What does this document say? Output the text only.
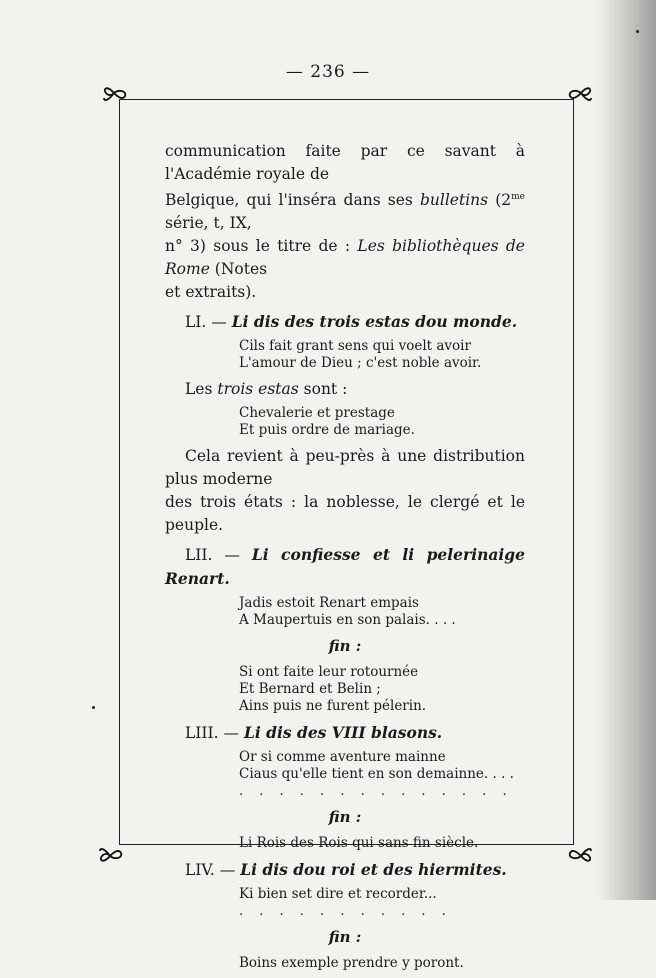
— 236 —

communication faite par ce savant à l'Académie royale de
Belgique, qui l'inséra dans ses bulletins ($2^{me}$ série, t, IX,
n° 3) sous le titre de : Les bibliothèques de Rome (Notes
et extraits).

LI. — Li dis des trois estas dou monde.

Cils fait grant sens qui voelt avoir
L'amour de Dieu ; c'est noble avoir.

Les trois estas sont :

Chevalerie et prestage
Et puis ordre de mariage.

Cela revient à peu-près à une distribution plus moderne
des trois états : la noblesse, le clergé et le peuple.

LII. — Li confiesse et li pelerinaige Renart.

Jadis estoit Renart empais
A Maupertuis en son palais. . . .
fin :
Si ont faite leur rotournée
Et Bernard et Belin ;
Ains puis ne furent pélerin.

LIII. — Li dis des VIII blasons.

Or si comme aventure mainne
Ciaus qu'elle tient en son demainne. . . .
. . . . . . . . . . . . . .
fin :
Li Rois des Rois qui sans fin siècle.

LIV. — Li dis dou roi et des hiermites.

Ki bien set dire et recorder...
. . . . . . . . . . .
fin :
Boins exemple prendre y poront.
